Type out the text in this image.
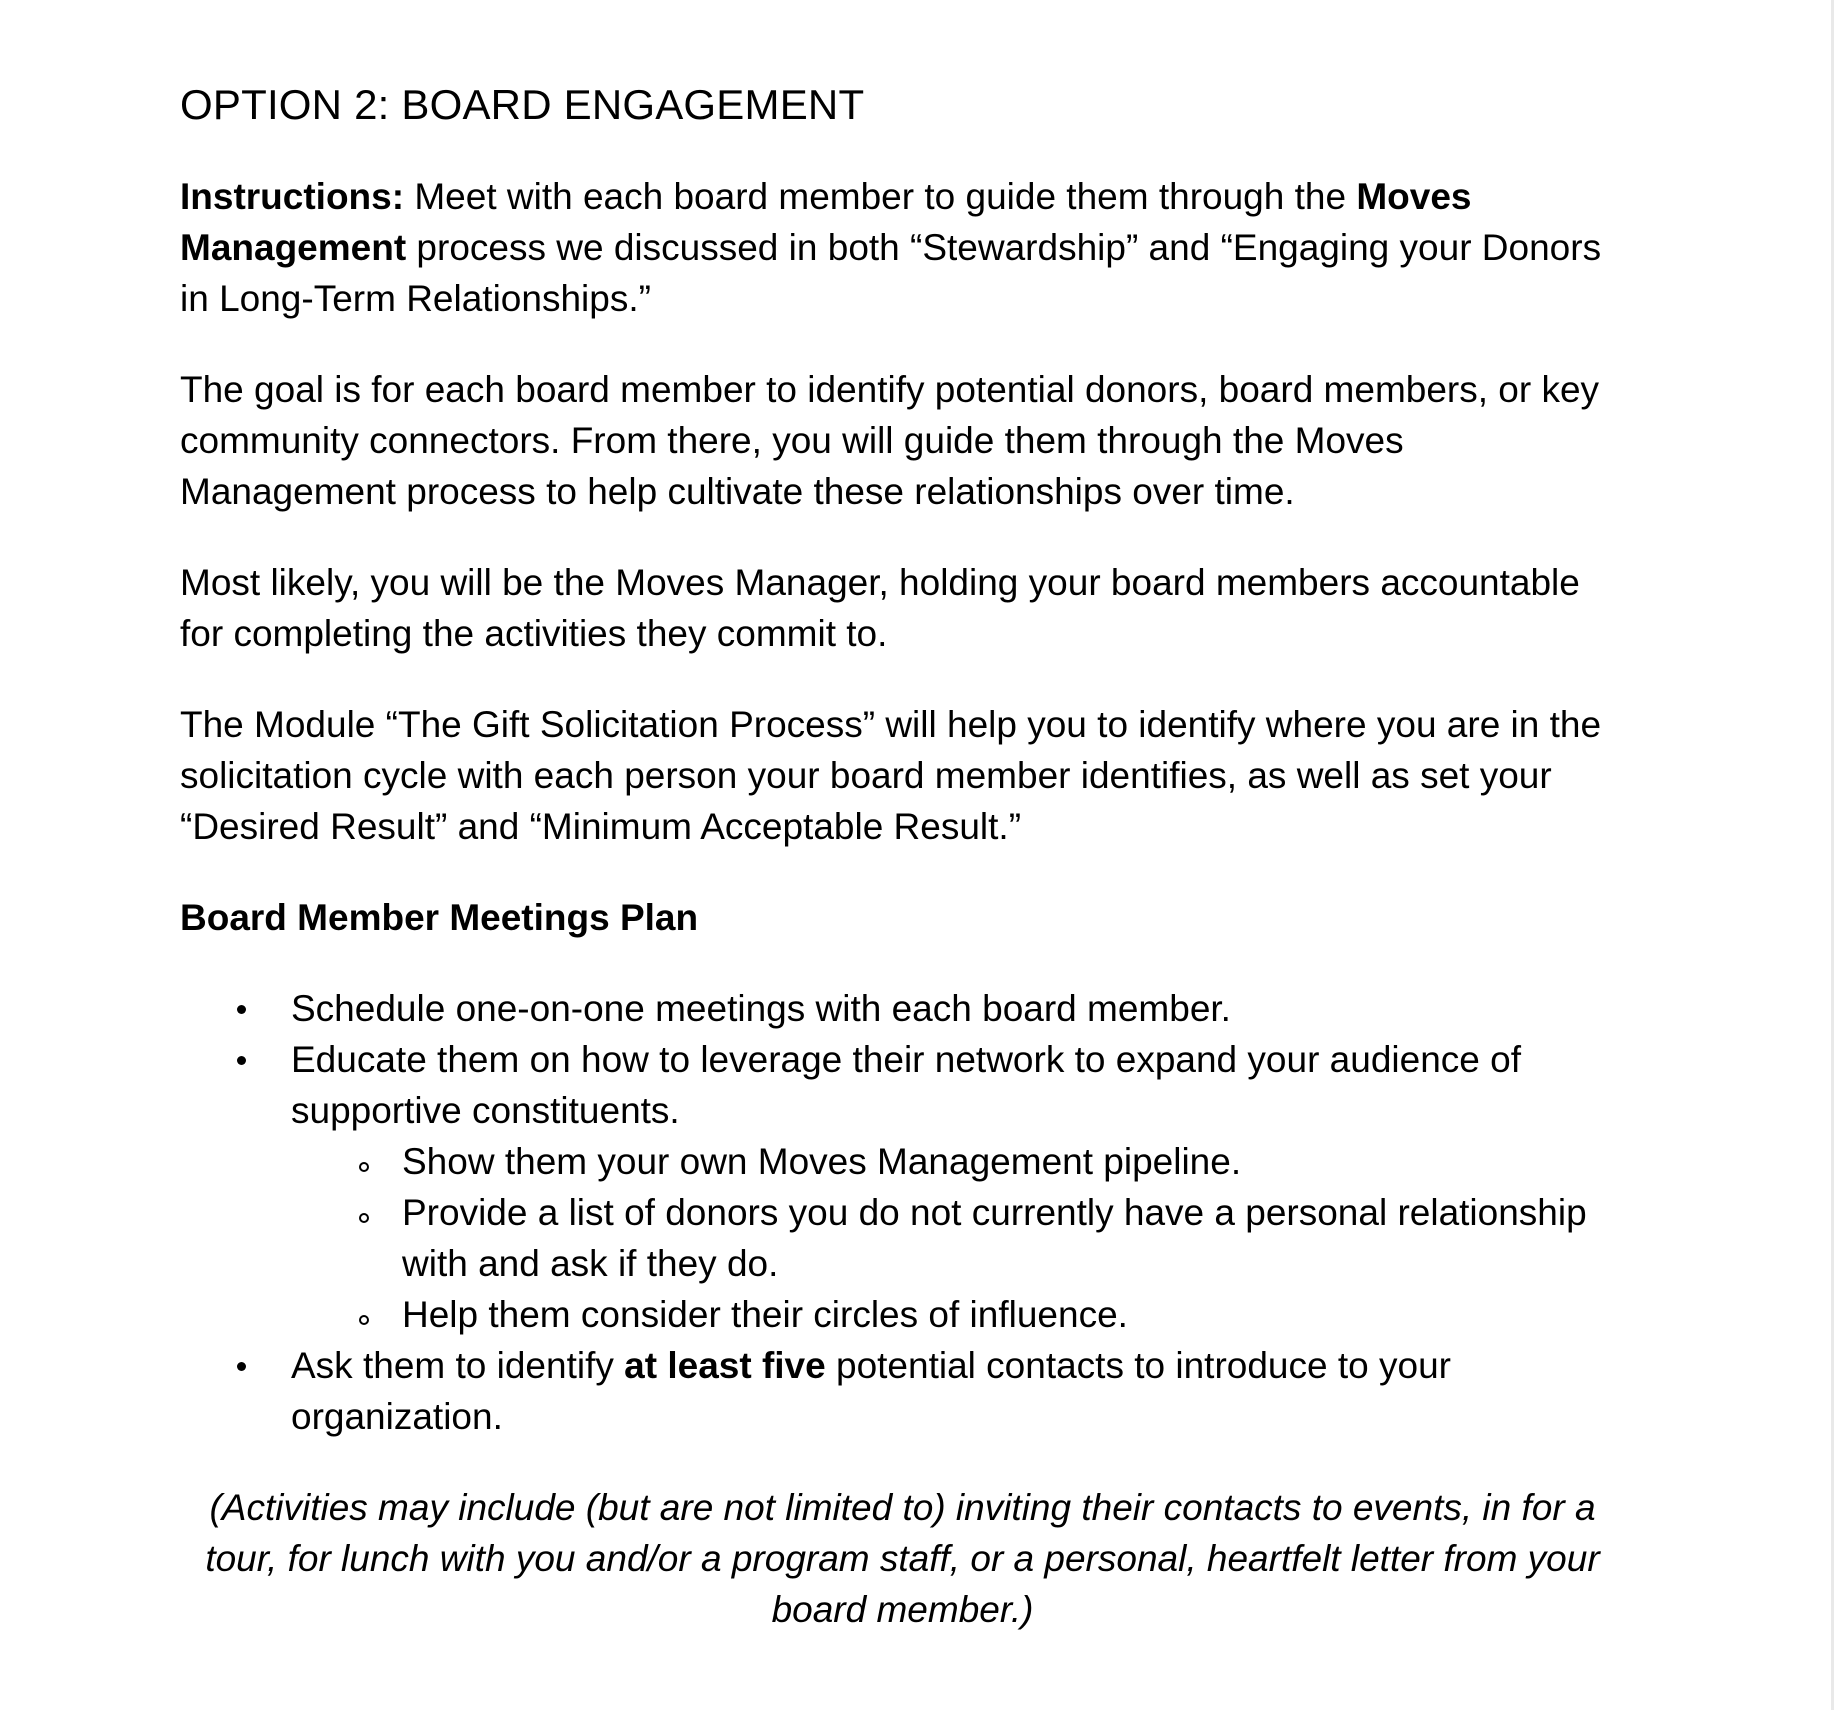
OPTION 2: BOARD ENGAGEMENT

Instructions: Meet with each board member to guide them through the Moves Management process we discussed in both “Stewardship” and “Engaging your Donors in Long-Term Relationships.”

The goal is for each board member to identify potential donors, board members, or key community connectors. From there, you will guide them through the Moves Management process to help cultivate these relationships over time.

Most likely, you will be the Moves Manager, holding your board members accountable for completing the activities they commit to.

The Module “The Gift Solicitation Process” will help you to identify where you are in the solicitation cycle with each person your board member identifies, as well as set your “Desired Result” and “Minimum Acceptable Result.”

Board Member Meetings Plan
Schedule one-on-one meetings with each board member.
Educate them on how to leverage their network to expand your audience of supportive constituents.
Show them your own Moves Management pipeline.
Provide a list of donors you do not currently have a personal relationship with and ask if they do.
Help them consider their circles of influence.
Ask them to identify at least five potential contacts to introduce to your organization.

(Activities may include (but are not limited to) inviting their contacts to events, in for a tour, for lunch with you and/or a program staff, or a personal, heartfelt letter from your board member.)
